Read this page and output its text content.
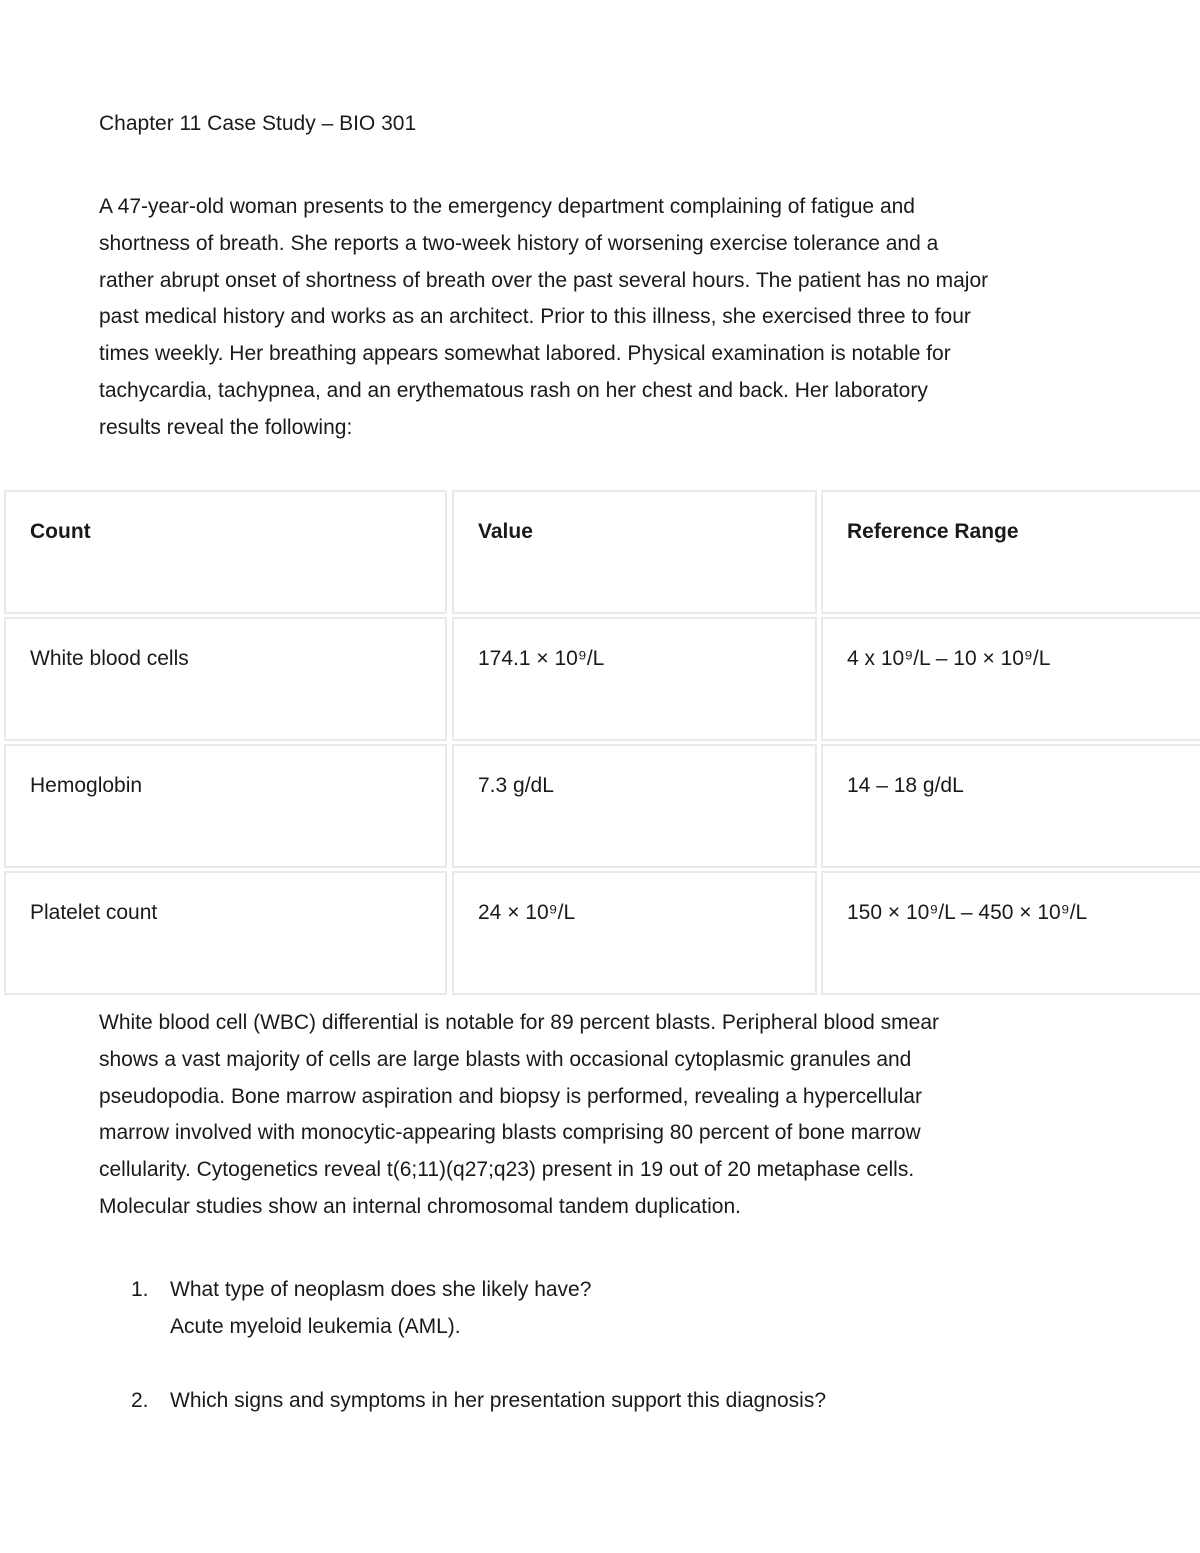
Chapter 11 Case Study – BIO 301

A 47-year-old woman presents to the emergency department complaining of fatigue and
shortness of breath. She reports a two-week history of worsening exercise tolerance and a
rather abrupt onset of shortness of breath over the past several hours. The patient has no major
past medical history and works as an architect. Prior to this illness, she exercised three to four
times weekly. Her breathing appears somewhat labored. Physical examination is notable for
tachycardia, tachypnea, and an erythematous rash on her chest and back. Her laboratory
results reveal the following:

Count	Value	Reference Range
White blood cells	174.1 × 10⁹/L	4 x 10⁹/L – 10 × 10⁹/L
Hemoglobin	7.3 g/dL	14 – 18 g/dL
Platelet count	24 × 10⁹/L	150 × 10⁹/L – 450 × 10⁹/L

White blood cell (WBC) differential is notable for 89 percent blasts. Peripheral blood smear
shows a vast majority of cells are large blasts with occasional cytoplasmic granules and
pseudopodia. Bone marrow aspiration and biopsy is performed, revealing a hypercellular
marrow involved with monocytic-appearing blasts comprising 80 percent of bone marrow
cellularity. Cytogenetics reveal t(6;11)(q27;q23) present in 19 out of 20 metaphase cells.
Molecular studies show an internal chromosomal tandem duplication.

1.	What type of neoplasm does she likely have?
Acute myeloid leukemia (AML).
2.	Which signs and symptoms in her presentation support this diagnosis?
